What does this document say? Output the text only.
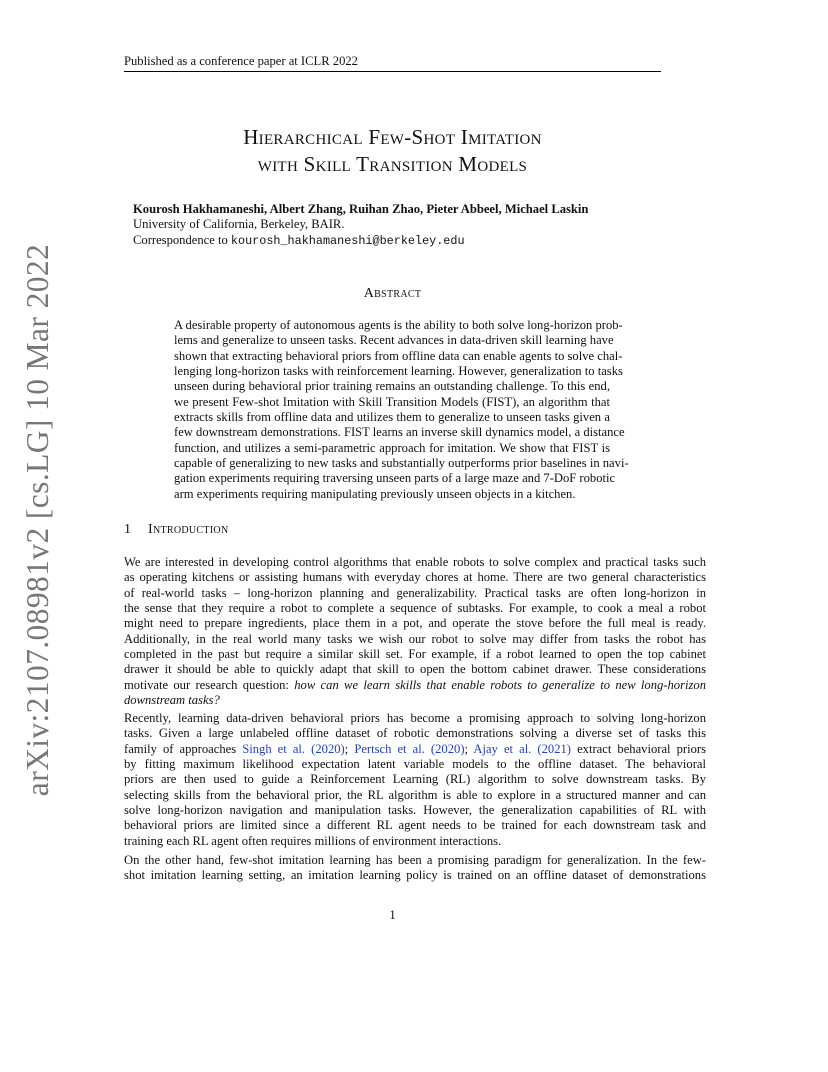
Published as a conference paper at ICLR 2022
arXiv:2107.08981v2 [cs.LG] 10 Mar 2022
Hierarchical Few-Shot Imitation
with Skill Transition Models
Kourosh Hakhamaneshi, Albert Zhang, Ruihan Zhao, Pieter Abbeel, Michael Laskin
University of California, Berkeley, BAIR.
Correspondence to kourosh_hakhamaneshi@berkeley.edu
Abstract
A desirable property of autonomous agents is the ability to both solve long-horizon prob-
lems and generalize to unseen tasks. Recent advances in data-driven skill learning have
shown that extracting behavioral priors from offline data can enable agents to solve chal-
lenging long-horizon tasks with reinforcement learning. However, generalization to tasks
unseen during behavioral prior training remains an outstanding challenge. To this end,
we present Few-shot Imitation with Skill Transition Models (FIST), an algorithm that
extracts skills from offline data and utilizes them to generalize to unseen tasks given a
few downstream demonstrations. FIST learns an inverse skill dynamics model, a distance
function, and utilizes a semi-parametric approach for imitation. We show that FIST is
capable of generalizing to new tasks and substantially outperforms prior baselines in navi-
gation experiments requiring traversing unseen parts of a large maze and 7-DoF robotic
arm experiments requiring manipulating previously unseen objects in a kitchen.
1 Introduction
We are interested in developing control algorithms that enable robots to solve complex and practical tasks such
as operating kitchens or assisting humans with everyday chores at home. There are two general characteristics
of real-world tasks – long-horizon planning and generalizability. Practical tasks are often long-horizon in
the sense that they require a robot to complete a sequence of subtasks. For example, to cook a meal a robot
might need to prepare ingredients, place them in a pot, and operate the stove before the full meal is ready.
Additionally, in the real world many tasks we wish our robot to solve may differ from tasks the robot has
completed in the past but require a similar skill set. For example, if a robot learned to open the top cabinet
drawer it should be able to quickly adapt that skill to open the bottom cabinet drawer. These considerations
motivate our research question: how can we learn skills that enable robots to generalize to new long-horizon
downstream tasks?
Recently, learning data-driven behavioral priors has become a promising approach to solving long-horizon
tasks. Given a large unlabeled offline dataset of robotic demonstrations solving a diverse set of tasks this
family of approaches Singh et al. (2020); Pertsch et al. (2020); Ajay et al. (2021) extract behavioral priors
by fitting maximum likelihood expectation latent variable models to the offline dataset. The behavioral
priors are then used to guide a Reinforcement Learning (RL) algorithm to solve downstream tasks. By
selecting skills from the behavioral prior, the RL algorithm is able to explore in a structured manner and can
solve long-horizon navigation and manipulation tasks. However, the generalization capabilities of RL with
behavioral priors are limited since a different RL agent needs to be trained for each downstream task and
training each RL agent often requires millions of environment interactions.
On the other hand, few-shot imitation learning has been a promising paradigm for generalization. In the few-
shot imitation learning setting, an imitation learning policy is trained on an offline dataset of demonstrations
1
